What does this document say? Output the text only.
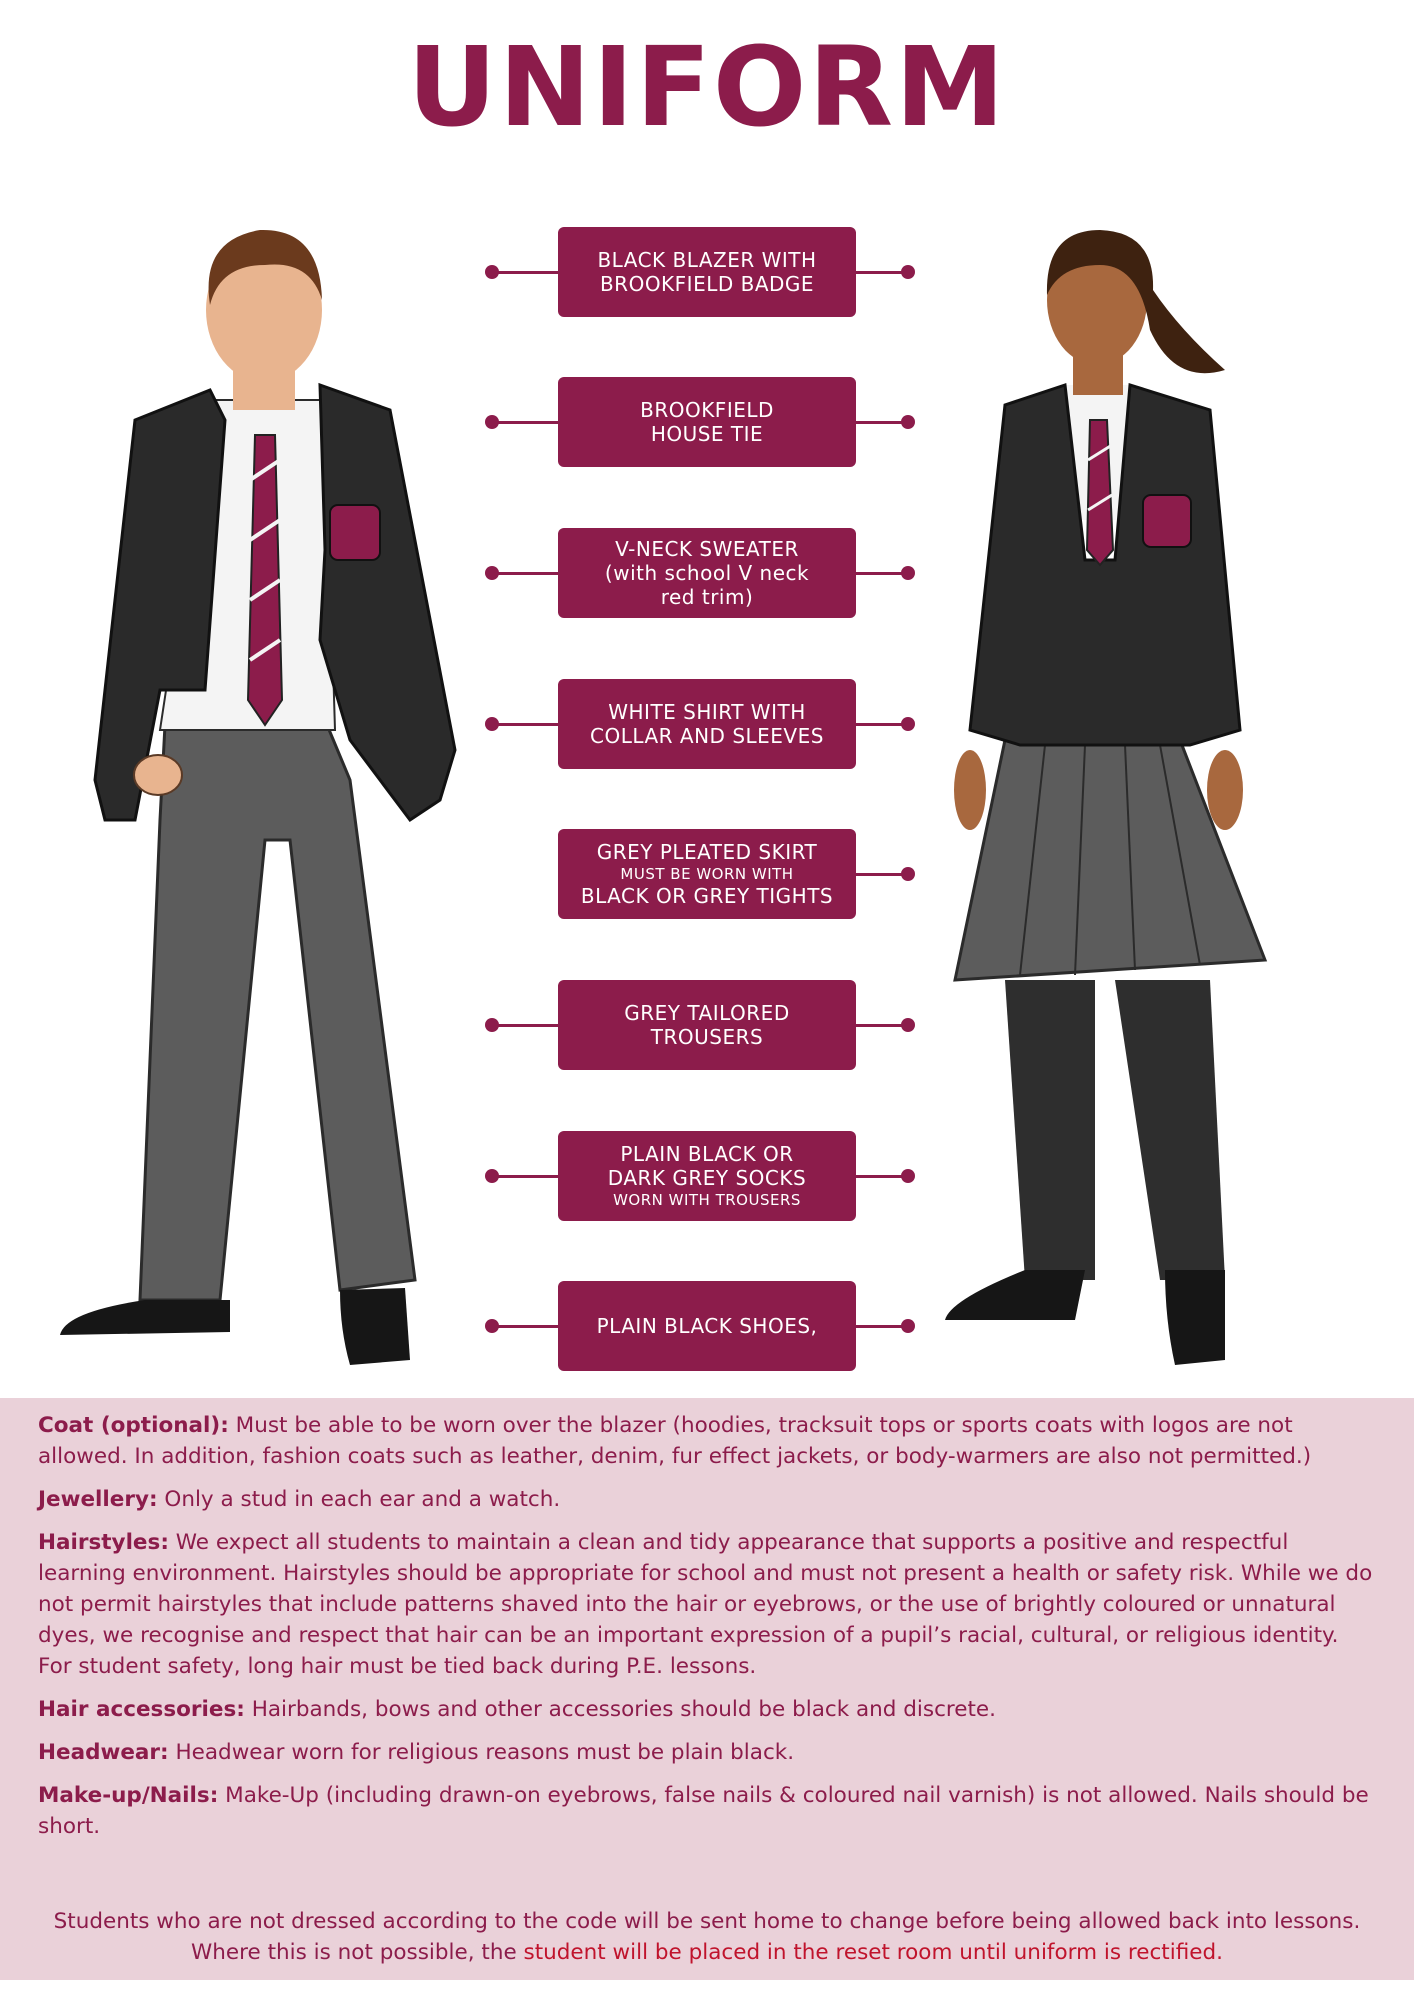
UNIFORM
BLACK BLAZER WITH
BROOKFIELD BADGE
BROOKFIELD
HOUSE TIE
V-NECK SWEATER
(with school V neck
red trim)
WHITE SHIRT WITH
COLLAR AND SLEEVES
GREY PLEATED SKIRT
MUST BE WORN WITH
BLACK OR GREY TIGHTS
GREY TAILORED
TROUSERS
PLAIN BLACK OR
DARK GREY SOCKS
WORN WITH TROUSERS
PLAIN BLACK SHOES,

Coat (optional): Must be able to be worn over the blazer (hoodies, tracksuit tops or sports coats with logos are not allowed. In addition, fashion coats such as leather, denim, fur effect jackets, or body-warmers are also not permitted.)

Jewellery: Only a stud in each ear and a watch.

Hairstyles: We expect all students to maintain a clean and tidy appearance that supports a positive and respectful learning environment. Hairstyles should be appropriate for school and must not present a health or safety risk. While we do not permit hairstyles that include patterns shaved into the hair or eyebrows, or the use of brightly coloured or unnatural dyes, we recognise and respect that hair can be an important expression of a pupil’s racial, cultural, or religious identity. For student safety, long hair must be tied back during P.E. lessons.

Hair accessories: Hairbands, bows and other accessories should be black and discrete.

Headwear: Headwear worn for religious reasons must be plain black.

Make-up/Nails: Make-Up (including drawn-on eyebrows, false nails & coloured nail varnish) is not allowed. Nails should be short.

Students who are not dressed according to the code will be sent home to change before being allowed back into lessons. Where this is not possible, the student will be placed in the reset room until uniform is rectified.
